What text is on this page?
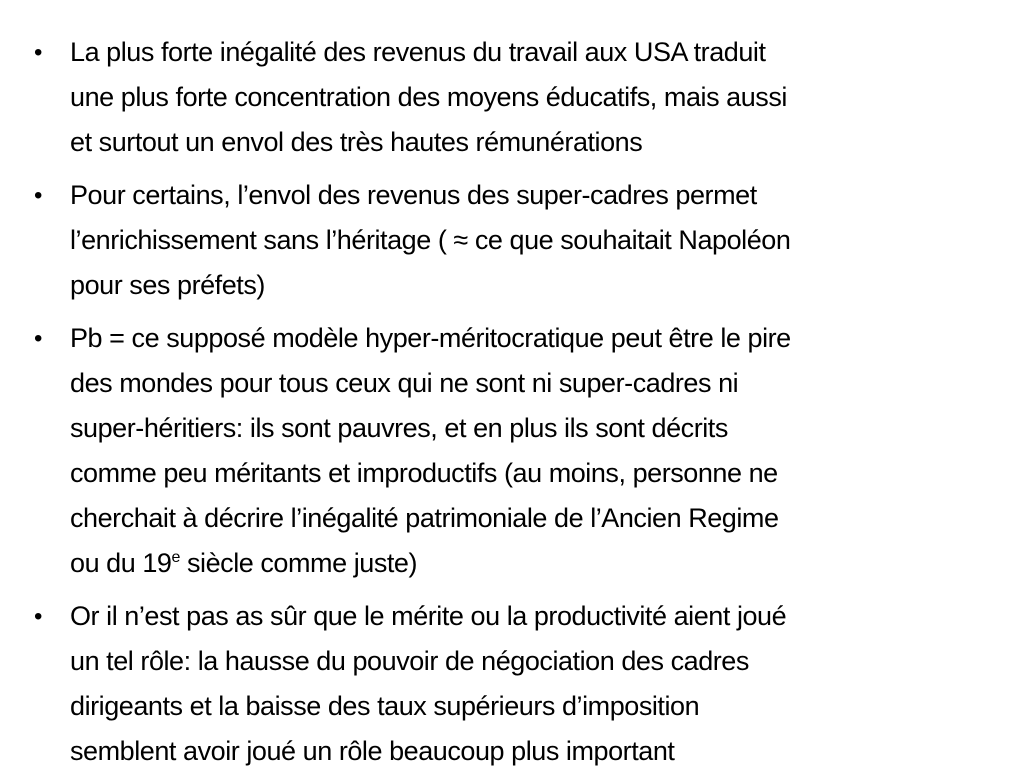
• La plus forte inégalité des revenus du travail aux USA traduit
une plus forte concentration des moyens éducatifs, mais aussi
et surtout un envol des très hautes rémunérations
• Pour certains, l’envol des revenus des super-cadres permet
l’enrichissement sans l’héritage ( ≈ ce que souhaitait Napoléon
pour ses préfets)
• Pb = ce supposé modèle hyper-méritocratique peut être le pire
des mondes pour tous ceux qui ne sont ni super-cadres ni
super-héritiers: ils sont pauvres, et en plus ils sont décrits
comme peu méritants et improductifs (au moins, personne ne
cherchait à décrire l’inégalité patrimoniale de l’Ancien Regime
ou du 19e siècle comme juste)
• Or il n’est pas as sûr que le mérite ou la productivité aient joué
un tel rôle: la hausse du pouvoir de négociation des cadres
dirigeants et la baisse des taux supérieurs d’imposition
semblent avoir joué un rôle beaucoup plus important
